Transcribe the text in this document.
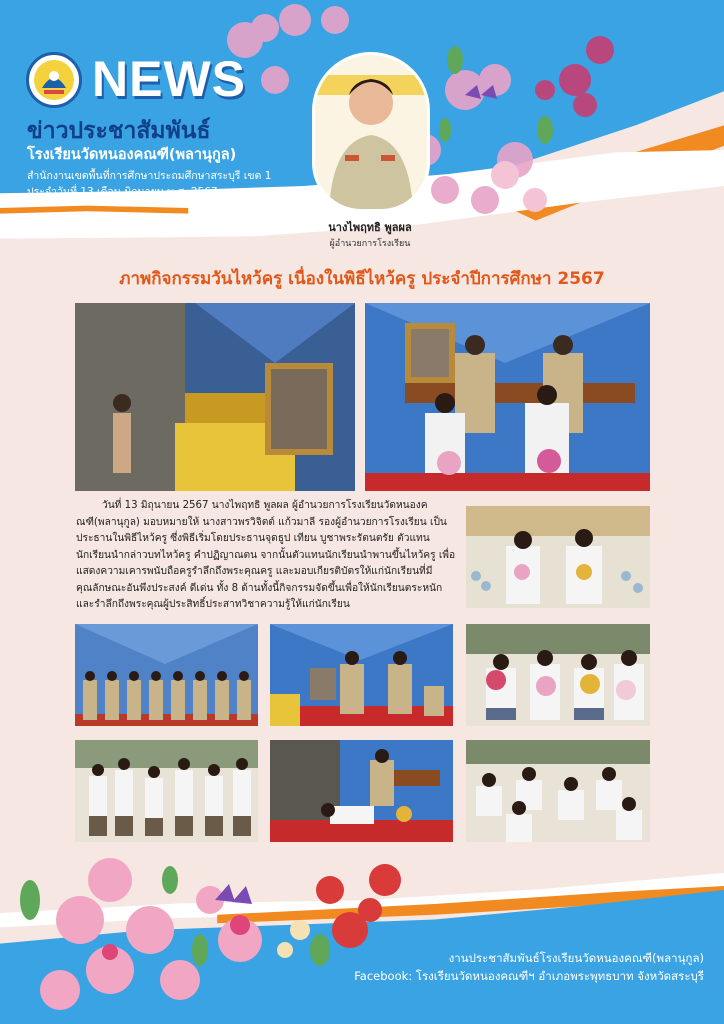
NEWS
ข่าวประชาสัมพันธ์
โรงเรียนวัดหนองคณฑี(พลานุกูล)
สำนักงานเขตพื้นที่การศึกษาประถมศึกษาสระบุรี เขต 1
ประจำวันที่ 13 เดือน มิถุนายน พ.ศ. 2567
นางไพฤทธิ พูลผล
ผู้อำนวยการโรงเรียน
ภาพกิจกรรมวันไหว้ครู เนื่องในพิธีไหว้ครู ประจำปีการศึกษา 2567

วันที่ 13 มิถุนายน 2567 นางไพฤทธิ พูลผล ผู้อำนวยการโรงเรียนวัดหนองคณฑี(พลานุกูล) มอบหมายให้ นางสาวพรวิจิตต์ แก้วมาลี รองผู้อำนวยการโรงเรียน เป็นประธานในพิธีไหว้ครู ซึ่งพิธีเริ่มโดยประธานจุดธูป เทียน บูชาพระรัตนตรัย ตัวแทนนักเรียนนำกล่าวบทไหว้ครู คำปฏิญาณตน จากนั้นตัวแทนนักเรียนนำพานขึ้นไหว้ครู เพื่อแสดงความเคารพนับถือครูรำลึกถึงพระคุณครู และมอบเกียรติบัตรให้แก่นักเรียนที่มีคุณลักษณะอันพึงประสงค์ ดีเด่น ทั้ง 8 ด้านทั้งนี้กิจกรรมจัดขึ้นเพื่อให้นักเรียนตระหนักและรำลึกถึงพระคุณผู้ประสิทธิ์ประสาทวิชาความรู้ให้แก่นักเรียน

งานประชาสัมพันธ์โรงเรียนวัดหนองคณฑี(พลานุกูล)
Facebook: โรงเรียนวัดหนองคณฑีฯ อำเภอพระพุทธบาท จังหวัดสระบุรี
